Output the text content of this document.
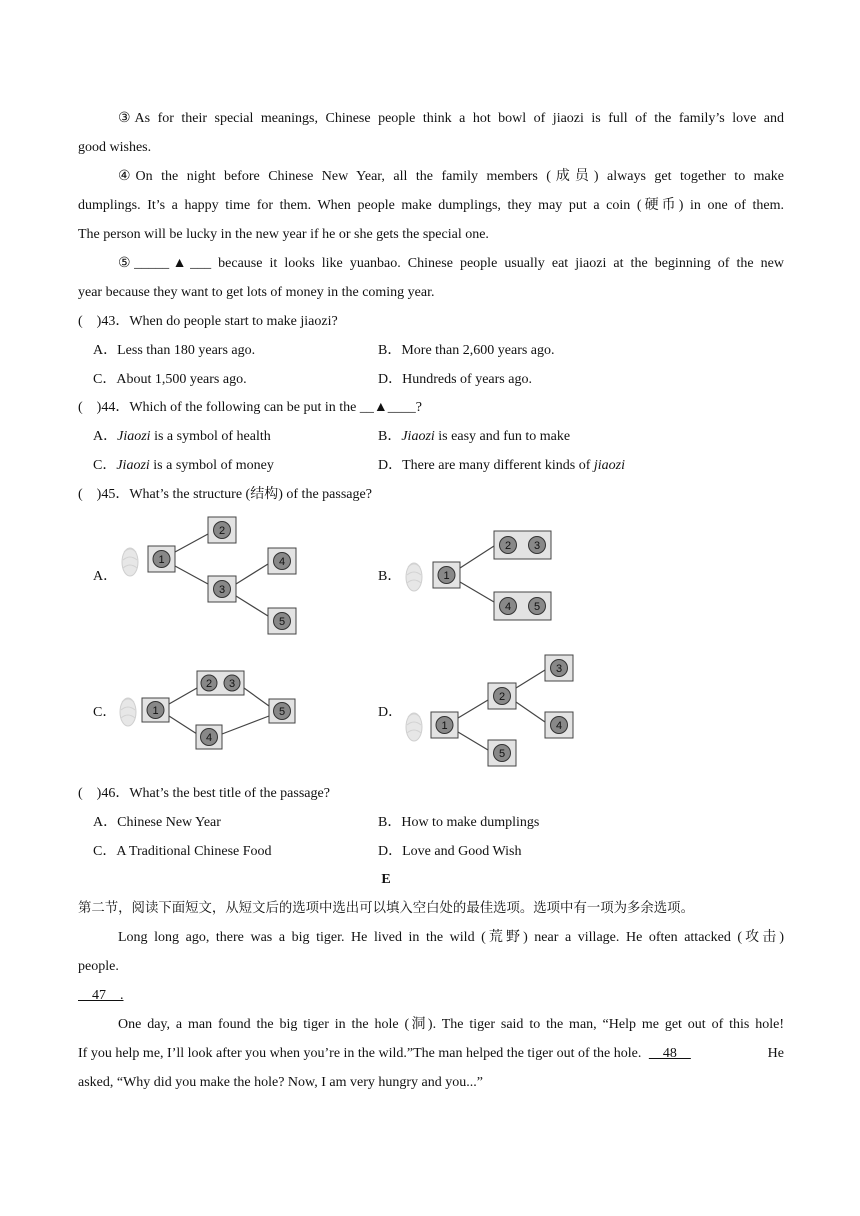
③As for their special meanings, Chinese people think a hot bowl of jiaozi is full of the family’s love and
good wishes.
④On the night before Chinese New Year, all the family members (成员) always get together to make
dumplings. It’s a happy time for them. When people make dumplings, they may put a coin (硬币) in one of them.
The person will be lucky in the new year if he or she gets the special one.
⑤_____▲___ because it looks like yuanbao. Chinese people usually eat jiaozi at the beginning of the new
year because they want to get lots of money in the coming year.
(　)43．When do people start to make jiaozi?
A．Less than 180 years ago.	B．More than 2,600 years ago.
C．About 1,500 years ago.	D．Hundreds of years ago.
(　)44．Which of the following can be put in the __▲____?
A．Jiaozi is a symbol of health	B．Jiaozi is easy and fun to make
C．Jiaozi is a symbol of money	D．There are many different kinds of jiaozi
(　)45．What’s the structure (结构) of the passage?
A．	B．
C．	D．
1
2
3
4
5
1
2 3
4 5
1
2 3
5
4
1
2
3
4
5
(　)46．What’s the best title of the passage?
A．Chinese New Year	B．How to make dumplings
C．A Traditional Chinese Food	D．Love and Good Wish
E
第二节，阅读下面短文，从短文后的选项中选出可以填入空白处的最佳选项。选项中有一项为多余选项。
Long long ago, there was a big tiger. He lived in the wild (荒野) near a village. He often attacked (攻击)
people.
　47　.
One day, a man found the big tiger in the hole (洞). The tiger said to the man, “Help me get out of this hole!
If you help me, I’ll look after you when you’re in the wild.”The man helped the tiger out of the hole. 　48　	He
asked, “Why did you make the hole? Now, I am very hungry and you...”
